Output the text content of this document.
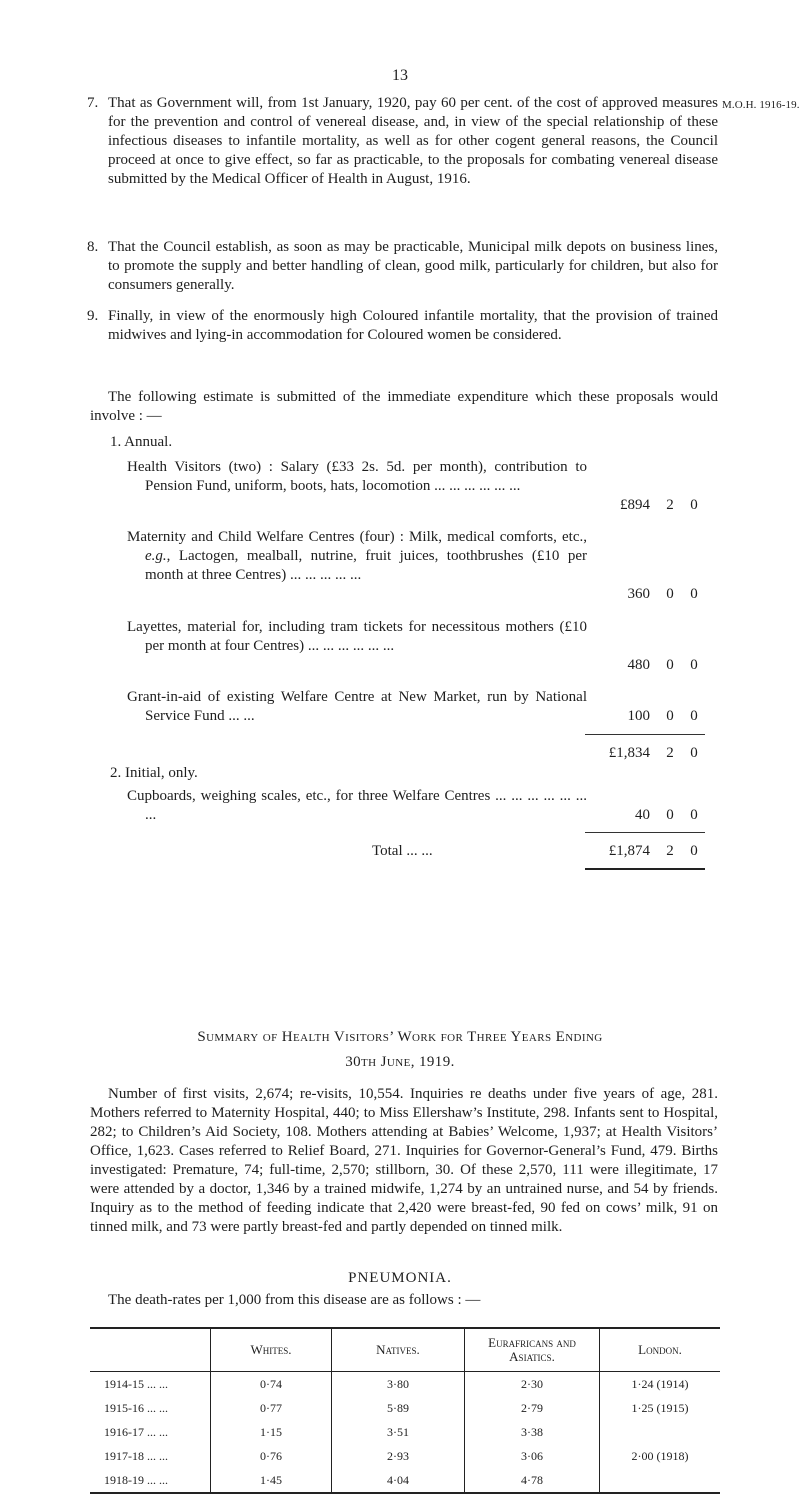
13
M.O.H. 1916-19.
7. That as Government will, from 1st January, 1920, pay 60 per cent. of the cost of approved measures for the prevention and control of venereal disease, and, in view of the special relationship of these infectious diseases to infantile mortality, as well as for other cogent general reasons, the Council proceed at once to give effect, so far as practicable, to the proposals for combating venereal disease submitted by the Medical Officer of Health in August, 1916.
8. That the Council establish, as soon as may be practicable, Municipal milk depots on business lines, to promote the supply and better handling of clean, good milk, particularly for children, but also for consumers generally.
9. Finally, in view of the enormously high Coloured infantile mortality, that the provision of trained midwives and lying-in accommodation for Coloured women be considered.
The following estimate is submitted of the immediate expenditure which these proposals would involve : —
1. Annual.
Health Visitors (two) : Salary (£33 2s. 5d. per month), contribution to Pension Fund, uniform, boots, hats, locomotion ... ... ... ... ... ...
£894 2 0
Maternity and Child Welfare Centres (four) : Milk, medical comforts, etc., e.g., Lactogen, mealball, nutrine, fruit juices, toothbrushes (£10 per month at three Centres) ... ... ... ... ...
360 0 0
Layettes, material for, including tram tickets for necessitous mothers (£10 per month at four Centres) ... ... ... ... ... ...
480 0 0
Grant-in-aid of existing Welfare Centre at New Market, run by National Service Fund ... ...	100 0 0
£1,834 2 0
2. Initial, only.
Cupboards, weighing scales, etc., for three Welfare Centres ... ... ... ... ... ... ...	40 0 0
Total ... ...	£1,874 2 0
Summary of Health Visitors’ Work for Three Years Ending
30th June, 1919.
Number of first visits, 2,674; re-visits, 10,554. Inquiries re deaths under five years of age, 281. Mothers referred to Maternity Hospital, 440; to Miss Ellershaw’s Institute, 298. Infants sent to Hospital, 282; to Children’s Aid Society, 108. Mothers attending at Babies’ Welcome, 1,937; at Health Visitors’ Office, 1,623. Cases referred to Relief Board, 271. Inquiries for Governor-General’s Fund, 479. Births investigated: Premature, 74; full-time, 2,570; stillborn, 30. Of these 2,570, 111 were illegitimate, 17 were attended by a doctor, 1,346 by a trained midwife, 1,274 by an untrained nurse, and 54 by friends. Inquiry as to the method of feeding indicate that 2,420 were breast-fed, 90 fed on cows’ milk, 91 on tinned milk, and 73 were partly breast-fed and partly depended on tinned milk.
PNEUMONIA.
The death-rates per 1,000 from this disease are as follows : —
	Whites.	Natives.	Eurafricans and Asiatics.	London.
1914-15 ... ...	0·74	3·80	2·30	1·24 (1914)
1915-16 ... ...	0·77	5·89	2·79	1·25 (1915)
1916-17 ... ...	1·15	3·51	3·38	
1917-18 ... ...	0·76	2·93	3·06	2·00 (1918)
1918-19 ... ...	1·45	4·04	4·78	
